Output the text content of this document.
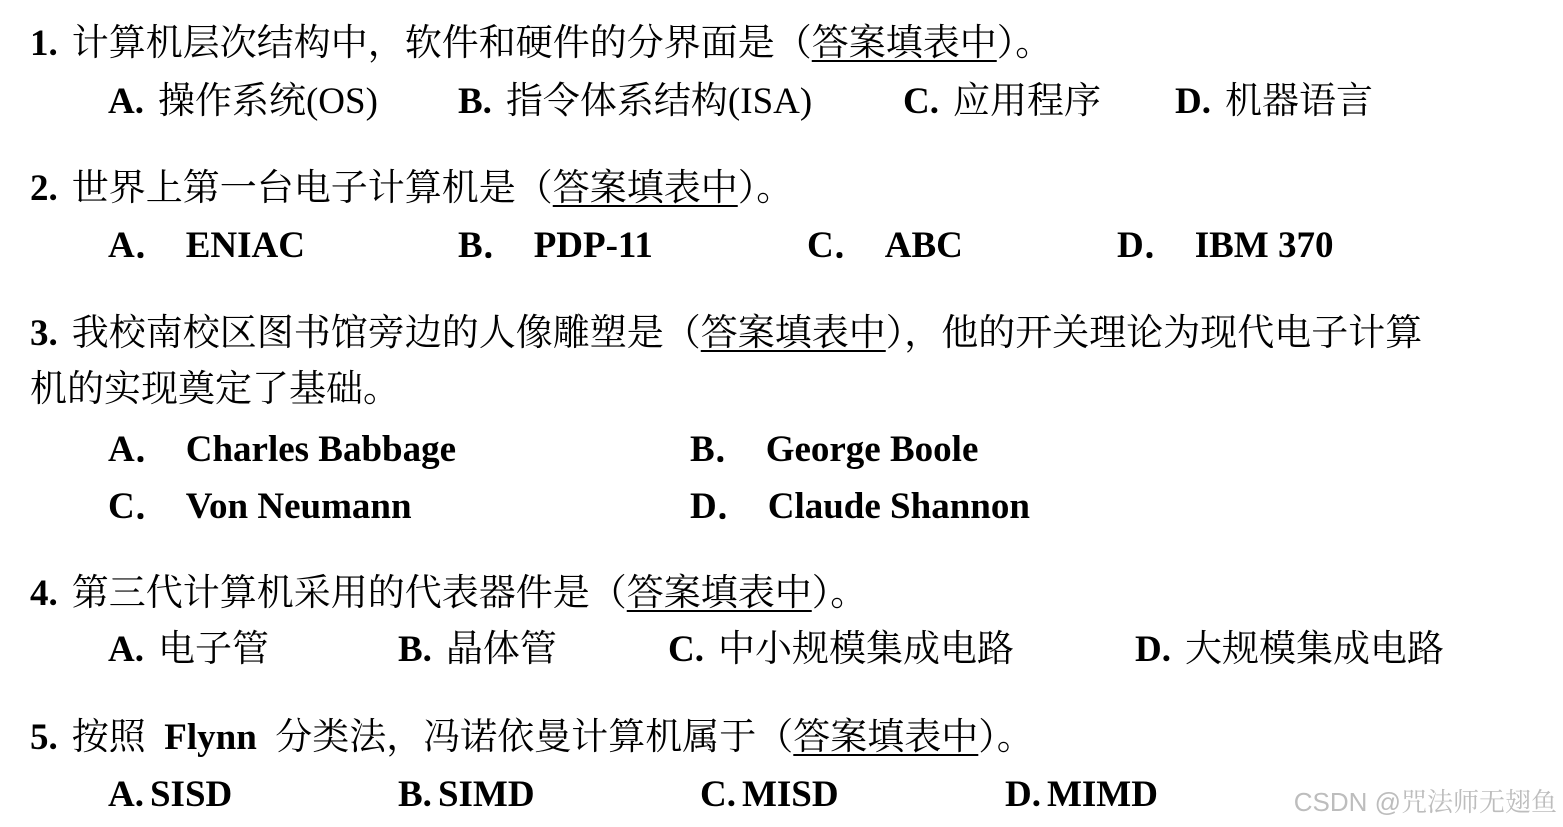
1. 计算机层次结构中，软件和硬件的分界面是（答案填表中）。
A. 操作系统(OS) B. 指令体系结构(ISA) C. 应用程序 D. 机器语言
2. 世界上第一台电子计算机是（答案填表中）。
A． ENIAC	B． PDP-11	C． ABC	D． IBM 370
3. 我校南校区图书馆旁边的人像雕塑是（答案填表中），他的开关理论为现代电子计算
机的实现奠定了基础。
A． Charles Babbage	B． George Boole
C． Von Neumann	D． Claude Shannon
4. 第三代计算机采用的代表器件是（答案填表中）。
A. 电子管	B. 晶体管	C. 中小规模集成电路	D. 大规模集成电路
5. 按照 Flynn 分类法，冯诺依曼计算机属于（答案填表中）。
A. SISD	B. SIMD	C. MISD	D. MIMD	CSDN @咒法师无翅鱼
